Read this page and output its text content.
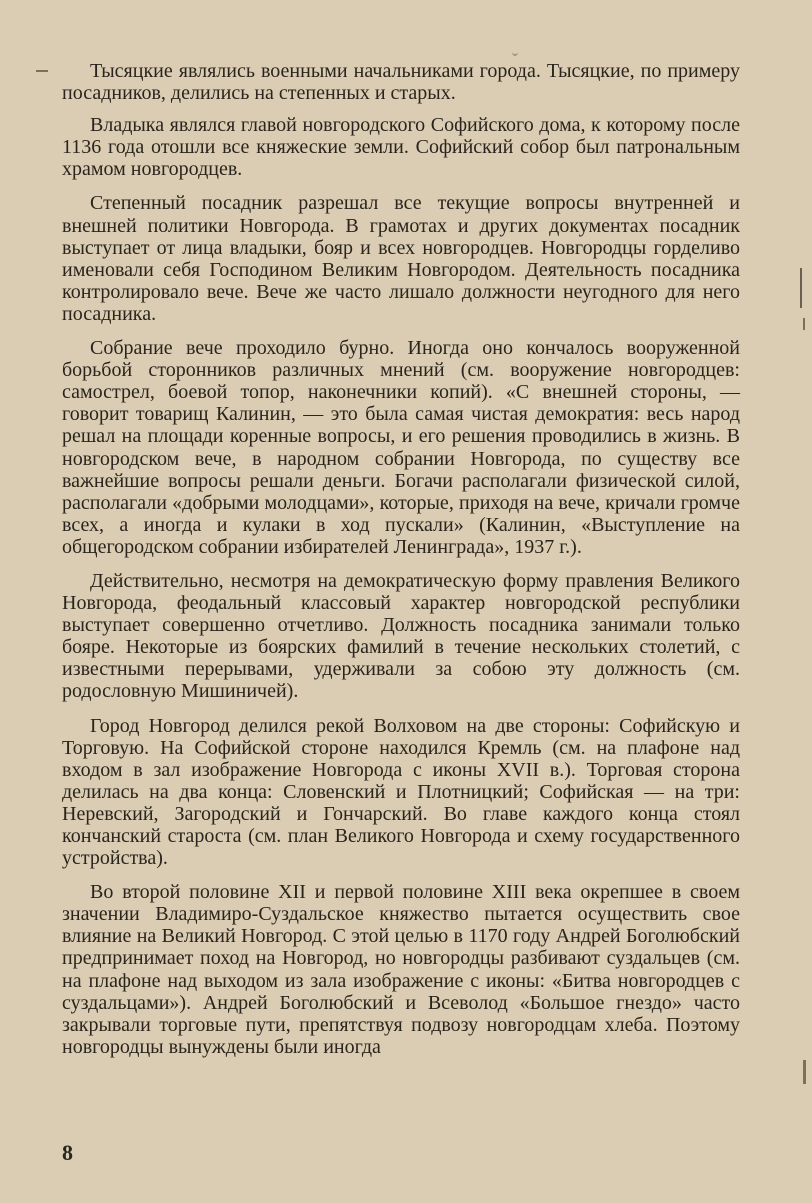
Тысяцкие являлись военными начальниками города. Тысяцкие, по примеру посадников, делились на степенных и старых.

Владыка являлся главой новгородского Софийского дома, к которому после 1136 года отошли все княжеские земли. Софийский собор был патрональным храмом новгородцев.

Степенный посадник разрешал все текущие вопросы внутренней и внешней политики Новгорода. В грамотах и других документах посадник выступает от лица владыки, бояр и всех новгородцев. Новгородцы горделиво именовали себя Господином Великим Новгородом. Деятельность посадника контролировало вече. Вече же часто лишало должности неугодного для него посадника.

Собрание вече проходило бурно. Иногда оно кончалось вооруженной борьбой сторонников различных мнений (см. вооружение новгородцев: самострел, боевой топор, наконечники копий). «С внешней стороны, — говорит товарищ Калинин, — это была самая чистая демократия: весь народ решал на площади коренные вопросы, и его решения проводились в жизнь. В новгородском вече, в народном собрании Новгорода, по существу все важнейшие вопросы решали деньги. Богачи располагали физической силой, располагали «добрыми молодцами», которые, приходя на вече, кричали громче всех, а иногда и кулаки в ход пускали» (Калинин, «Выступление на общегородском собрании избирателей Ленинграда», 1937 г.).

Действительно, несмотря на демократическую форму правления Великого Новгорода, феодальный классовый характер новгородской республики выступает совершенно отчетливо. Должность посадника занимали только бояре. Некоторые из боярских фамилий в течение нескольких столетий, с известными перерывами, удерживали за собою эту должность (см. родословную Мишиничей).

Город Новгород делился рекой Волховом на две стороны: Софийскую и Торговую. На Софийской стороне находился Кремль (см. на плафоне над входом в зал изображение Новгорода с иконы XVII в.). Торговая сторона делилась на два конца: Словенский и Плотницкий; Софийская — на три: Неревский, Загородский и Гончарский. Во главе каждого конца стоял кончанский староста (см. план Великого Новгорода и схему государственного устройства).

Во второй половине XII и первой половине XIII века окрепшее в своем значении Владимиро-Суздальское княжество пытается осуществить свое влияние на Великий Новгород. С этой целью в 1170 году Андрей Боголюбский предпринимает поход на Новгород, но новгородцы разбивают суздальцев (см. на плафоне над выходом из зала изображение с иконы: «Битва новгородцев с суздальцами»). Андрей Боголюбский и Всеволод «Большое гнездо» часто закрывали торговые пути, препятствуя подвозу новгородцам хлеба. Поэтому новгородцы вынуждены были иногда

8
